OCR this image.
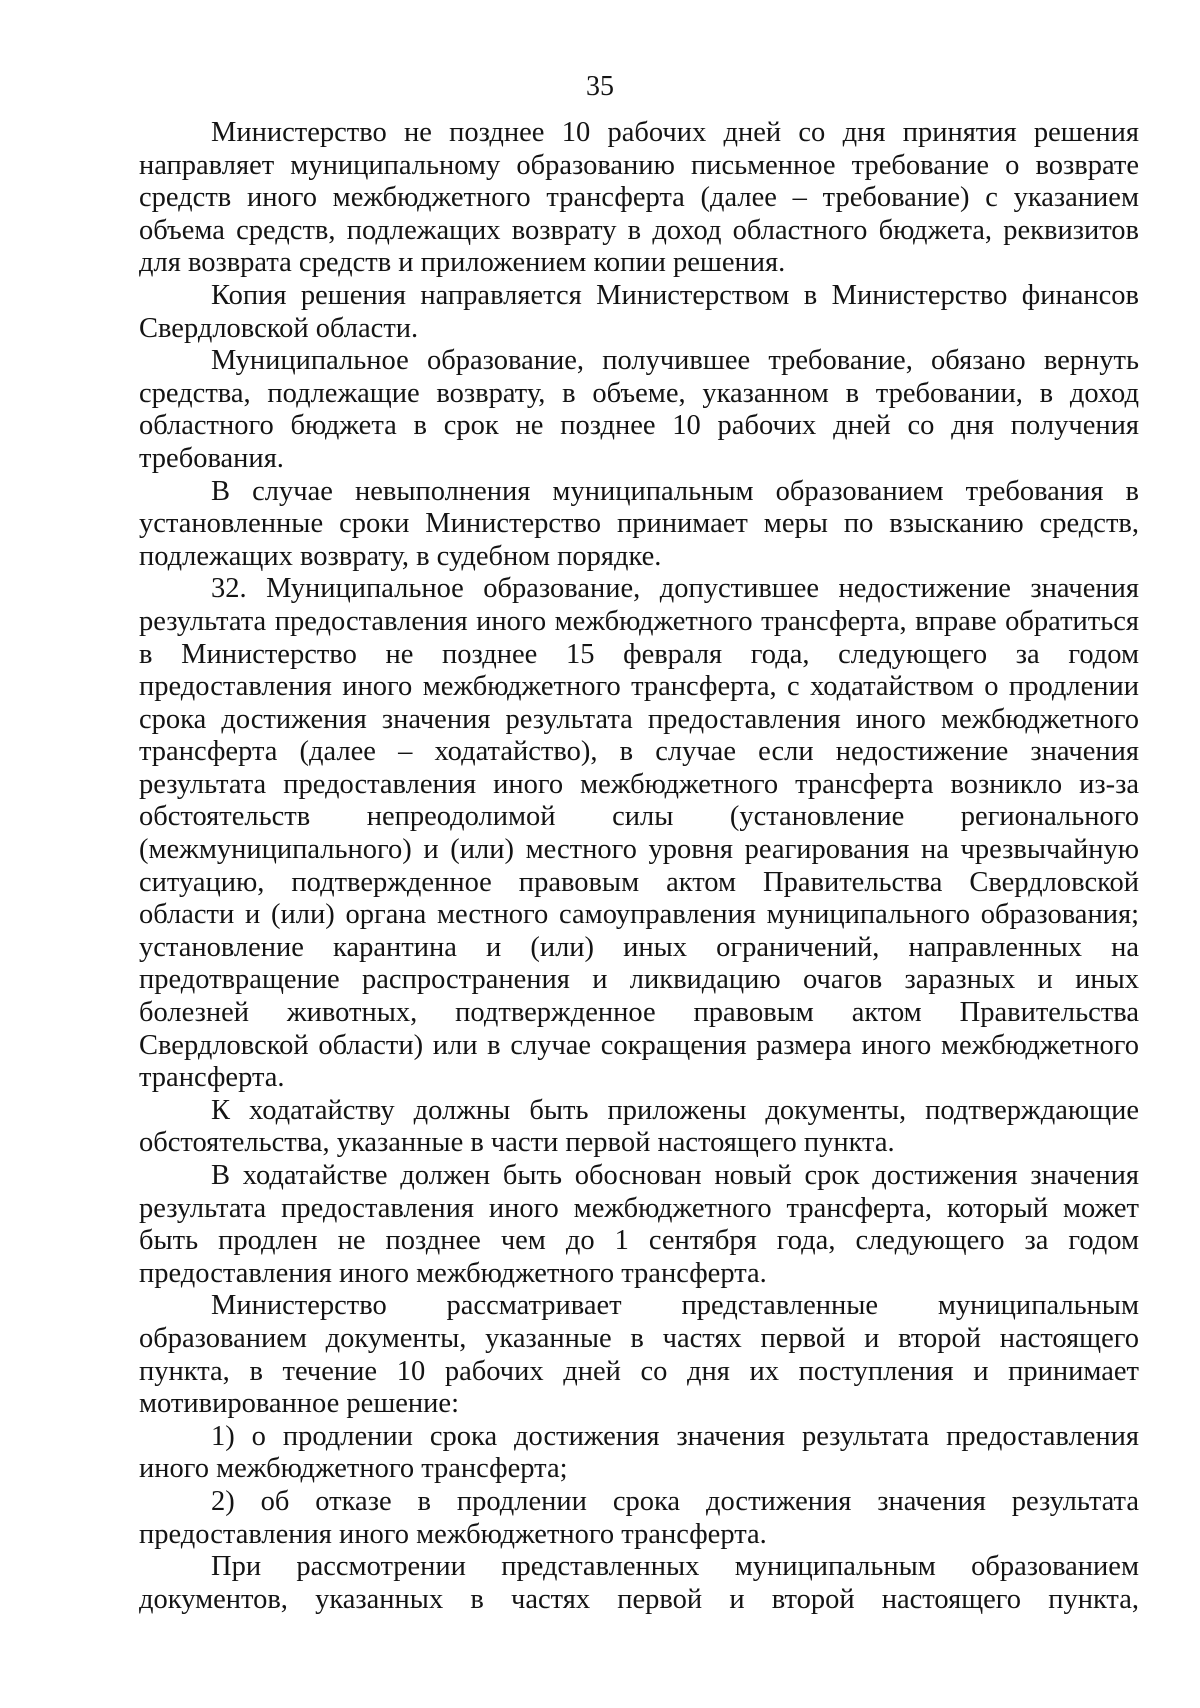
35

Министерство не позднее 10 рабочих дней со дня принятия решения направляет муниципальному образованию письменное требование о возврате средств иного межбюджетного трансферта (далее – требование) с указанием объема средств, подлежащих возврату в доход областного бюджета, реквизитов для возврата средств и приложением копии решения.

Копия решения направляется Министерством в Министерство финансов Свердловской области.

Муниципальное образование, получившее требование, обязано вернуть средства, подлежащие возврату, в объеме, указанном в требовании, в доход областного бюджета в срок не позднее 10 рабочих дней со дня получения требования.

В случае невыполнения муниципальным образованием требования в установленные сроки Министерство принимает меры по взысканию средств, подлежащих возврату, в судебном порядке.

32. Муниципальное образование, допустившее недостижение значения результата предоставления иного межбюджетного трансферта, вправе обратиться в Министерство не позднее 15 февраля года, следующего за годом предоставления иного межбюджетного трансферта, с ходатайством о продлении срока достижения значения результата предоставления иного межбюджетного трансферта (далее – ходатайство), в случае если недостижение значения результата предоставления иного межбюджетного трансферта возникло из-за обстоятельств непреодолимой силы (установление регионального (межмуниципального) и (или) местного уровня реагирования на чрезвычайную ситуацию, подтвержденное правовым актом Правительства Свердловской области и (или) органа местного самоуправления муниципального образования; установление карантина и (или) иных ограничений, направленных на предотвращение распространения и ликвидацию очагов заразных и иных болезней животных, подтвержденное правовым актом Правительства Свердловской области) или в случае сокращения размера иного межбюджетного трансферта.

К ходатайству должны быть приложены документы, подтверждающие обстоятельства, указанные в части первой настоящего пункта.

В ходатайстве должен быть обоснован новый срок достижения значения результата предоставления иного межбюджетного трансферта, который может быть продлен не позднее чем до 1 сентября года, следующего за годом предоставления иного межбюджетного трансферта.

Министерство рассматривает представленные муниципальным образованием документы, указанные в частях первой и второй настоящего пункта, в течение 10 рабочих дней со дня их поступления и принимает мотивированное решение:

1) о продлении срока достижения значения результата предоставления иного межбюджетного трансферта;

2) об отказе в продлении срока достижения значения результата предоставления иного межбюджетного трансферта.

При рассмотрении представленных муниципальным образованием документов, указанных в частях первой и второй настоящего пункта,
